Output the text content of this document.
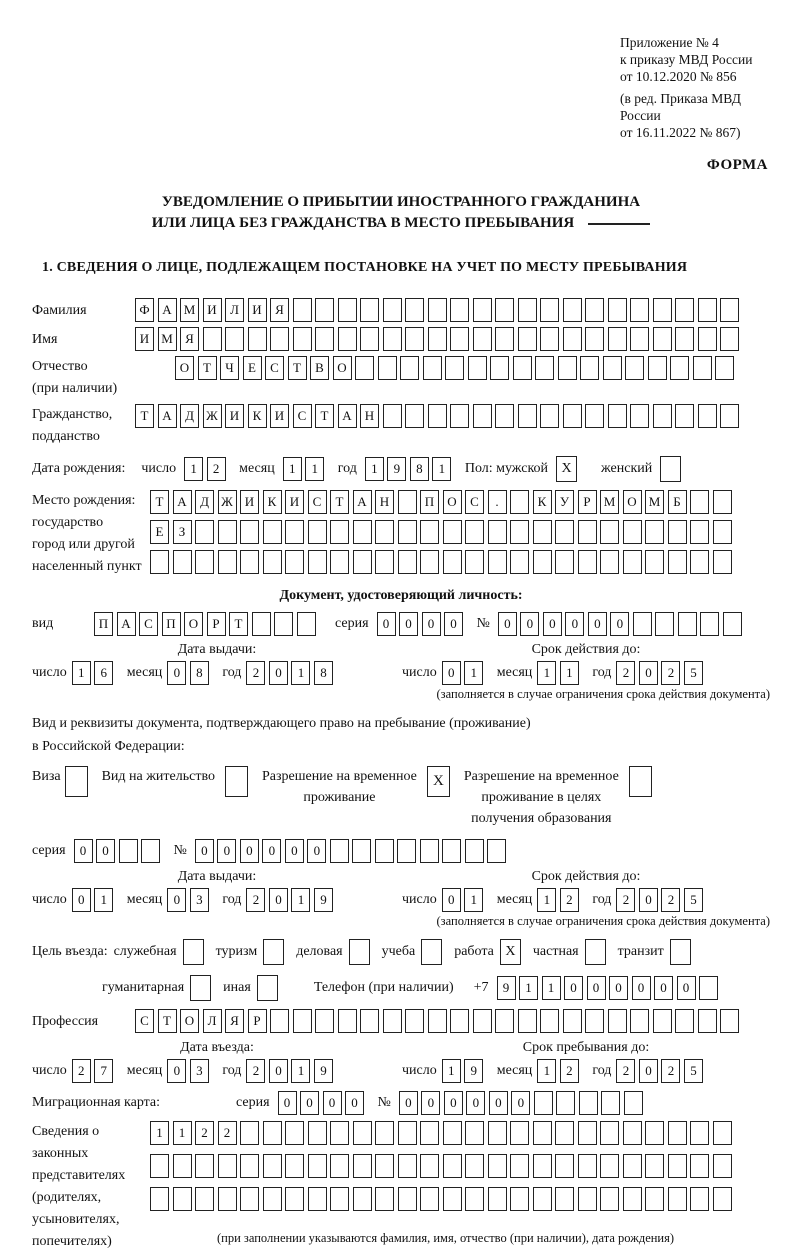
Приложение № 4
к приказу МВД России
от 10.12.2020 № 856
(в ред. Приказа МВД России
от 16.11.2022 № 867)
ФОРМА
УВЕДОМЛЕНИЕ О ПРИБЫТИИ ИНОСТРАННОГО ГРАЖДАНИНА
ИЛИ ЛИЦА БЕЗ ГРАЖДАНСТВА В МЕСТО ПРЕБЫВАНИЯ
1. СВЕДЕНИЯ О ЛИЦЕ, ПОДЛЕЖАЩЕМ ПОСТАНОВКЕ НА УЧЕТ ПО МЕСТУ ПРЕБЫВАНИЯ
Фамилия	Ф А М И	Л	И	Я
Имя	И М Я
Отчество
(при наличии)
О	Т	Ч	Е	С	Т	В	О
Гражданство,
подданство
Т	А	Д Ж И	К	И	С	Т	А	Н
Дата рождения: число	1	2	месяц	1	1	год	1	9	8	1	Пол: мужской X	женский
Место рождения:
государство
город или другой
населенный пункт
Т	А	Д Ж И	К	И	С	Т	А	Н	П	О	С	.	К	У	Р	М О М Б

Е	З

Документ, удостоверяющий личность:
вид	П	А	С	П	О	Р	Т	серия	0	0	0	0	№	0	0	0	0	0	0
Дата выдачи:
число 1	6	месяц 0	8	год 2	0	1	8
Срок действия до:
число 0	1	месяц 1	1	год 2	0	2	5
(заполняется в случае ограничения срока действия документа)
Вид и реквизиты документа, подтверждающего право на пребывание (проживание)
в Российской Федерации:
Виза	Вид на жительство	Разрешение на временное
проживание
X	Разрешение на временное
проживание в целях
получения образования
серия	0	0	№	0	0	0	0	0	0
Дата выдачи:
число 0	1	месяц 0	3	год 2	0	1	9
Срок действия до:
число 0	1	месяц 1	2	год 2	0	2	5
(заполняется в случае ограничения срока действия документа)
Цель въезда: служебная	туризм	деловая	учеба	работа X	частная	транзит
гуманитарная	иная	Телефон (при наличии) +7	9	1	1	0	0	0	0	0	0
Профессия	С	Т	О	Л	Я	Р
Дата въезда:
число 2	7	месяц 0	3	год 2	0	1	9
Срок пребывания до:
число 1	9	месяц 1	2	год 2	0	2	5
Миграционная карта:	серия	0	0	0	0	№	0	0	0	0	0	0
Сведения о
законных
представителях
(родителях,
усыновителях,
попечителях)
1	1	2	2

(при заполнении указываются фамилия, имя, отчество (при наличии), дата рождения)
